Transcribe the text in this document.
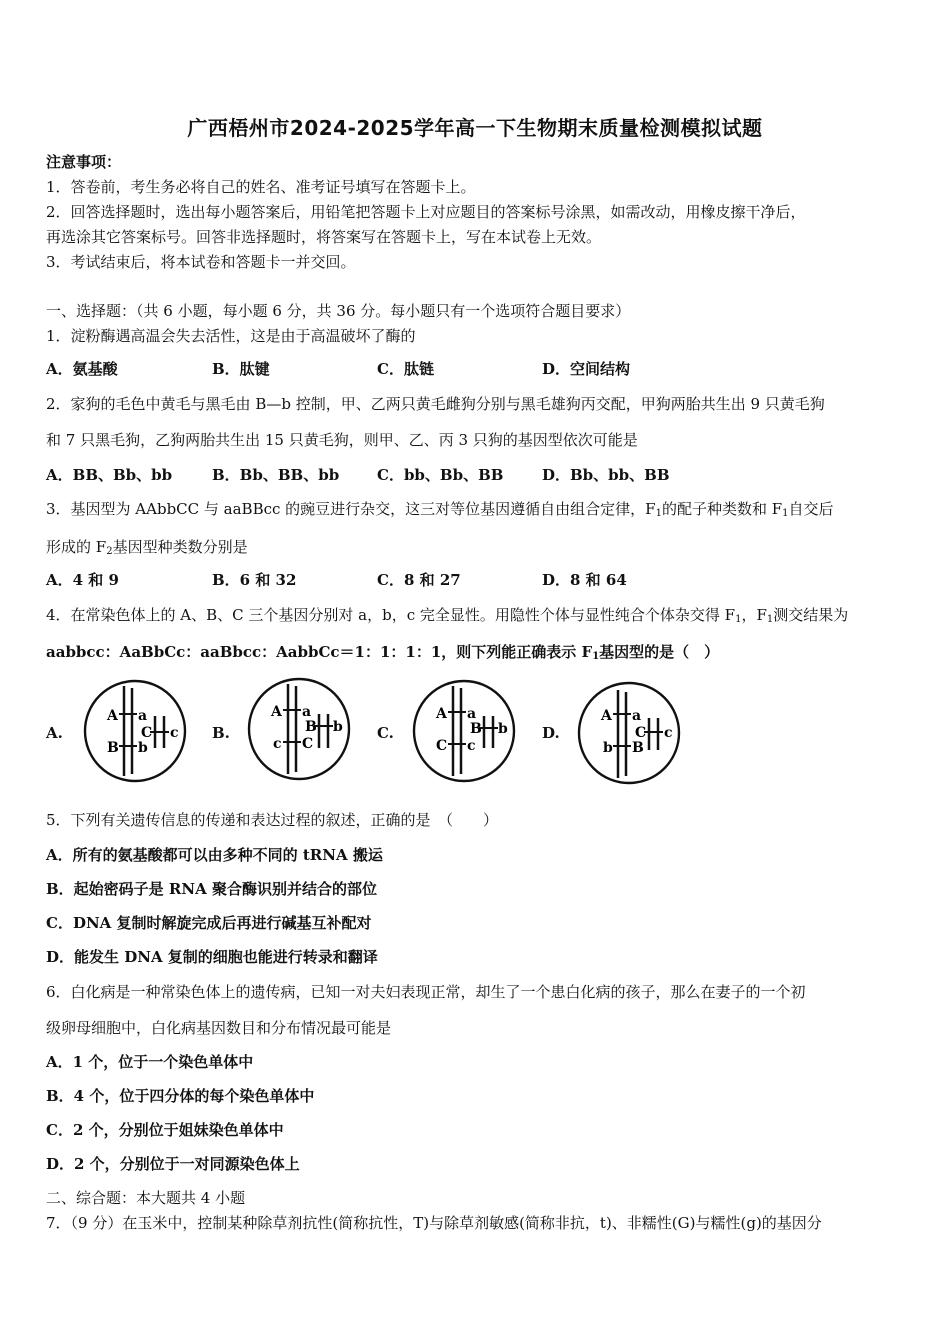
广西梧州市2024-2025学年高一下生物期末质量检测模拟试题
注意事项：
1．答卷前，考生务必将自己的姓名、准考证号填写在答题卡上。
2．回答选择题时，选出每小题答案后，用铅笔把答题卡上对应题目的答案标号涂黑，如需改动，用橡皮擦干净后，
再选涂其它答案标号。回答非选择题时，将答案写在答题卡上，写在本试卷上无效。
3．考试结束后，将本试卷和答题卡一并交回。
一、选择题：（共 6 小题，每小题 6 分，共 36 分。每小题只有一个选项符合题目要求）
1．淀粉酶遇高温会失去活性，这是由于高温破坏了酶的
A．氨基酸	B．肽键	C．肽链	D．空间结构
2．家狗的毛色中黄毛与黑毛由 B—b 控制，甲、乙两只黄毛雌狗分别与黑毛雄狗丙交配，甲狗两胎共生出 9 只黄毛狗
和 7 只黑毛狗，乙狗两胎共生出 15 只黄毛狗，则甲、乙、丙 3 只狗的基因型依次可能是
A．BB、Bb、bb	B．Bb、BB、bb	C．bb、Bb、BB	D．Bb、bb、BB
3．基因型为 AAbbCC 与 aaBBcc 的豌豆进行杂交，这三对等位基因遵循自由组合定律，$F_1$的配子种类数和 $F_1$自交后
形成的 $F_2$基因型种类数分别是
A．4 和 9	B．6 和 32	C．8 和 27	D．8 和 64
4．在常染色体上的 A、B、C 三个基因分别对 a，b，c 完全显性。用隐性个体与显性纯合个体杂交得 $F_1$，$F_1$测交结果为
aabbcc：AaBbCc：aaBbcc：AabbCc＝1：1：1：1，则下列能正确表示 $F_1$基因型的是（　）
A.
A a
B b
C c B.
A a
c C
B b C.
A a
C c
B b D.
A a
b B
C c
5．下列有关遗传信息的传递和表达过程的叙述，正确的是　（　　）
A．所有的氨基酸都可以由多种不同的 tRNA 搬运
B．起始密码子是 RNA 聚合酶识别并结合的部位
C．DNA 复制时解旋完成后再进行碱基互补配对
D．能发生 DNA 复制的细胞也能进行转录和翻译
6．白化病是一种常染色体上的遗传病，已知一对夫妇表现正常，却生了一个患白化病的孩子，那么在妻子的一个初
级卵母细胞中，白化病基因数目和分布情况最可能是
A．1 个，位于一个染色单体中
B．4 个，位于四分体的每个染色单体中
C．2 个，分别位于姐妹染色单体中
D．2 个，分别位于一对同源染色体上
二、综合题：本大题共 4 小题
7．（9 分）在玉米中，控制某种除草剂抗性(简称抗性，T)与除草剂敏感(简称非抗，t)、非糯性(G)与糯性(g)的基因分
